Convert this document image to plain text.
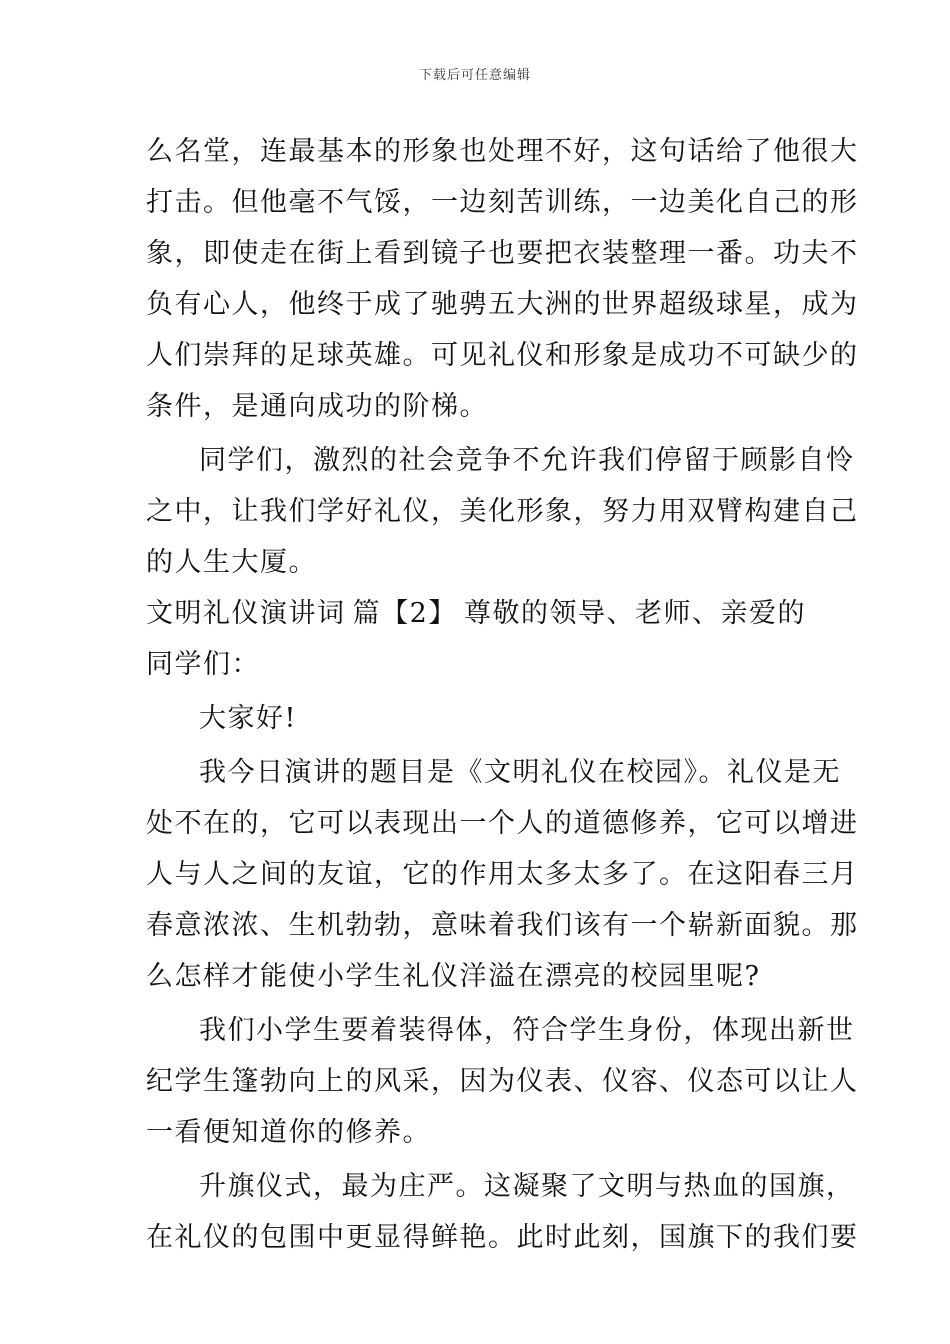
下载后可任意编辑
么名堂，连最基本的形象也处理不好，这句话给了他很大
打击。但他毫不气馁，一边刻苦训练，一边美化自己的形
象，即使走在街上看到镜子也要把衣装整理一番。功夫不
负有心人，他终于成了驰骋五大洲的世界超级球星，成为
人们崇拜的足球英雄。可见礼仪和形象是成功不可缺少的
条件，是通向成功的阶梯。
同学们，激烈的社会竞争不允许我们停留于顾影自怜
之中，让我们学好礼仪，美化形象，努力用双臂构建自己
的人生大厦。
文明礼仪演讲词 篇【2】 尊敬的领导、老师、亲爱的
同学们：
大家好!
我今日演讲的题目是《文明礼仪在校园》。礼仪是无
处不在的，它可以表现出一个人的道德修养，它可以增进
人与人之间的友谊，它的作用太多太多了。在这阳春三月
春意浓浓、生机勃勃，意味着我们该有一个崭新面貌。那
么怎样才能使小学生礼仪洋溢在漂亮的校园里呢?
我们小学生要着装得体，符合学生身份，体现出新世
纪学生篷勃向上的风采，因为仪表、仪容、仪态可以让人
一看便知道你的修养。
升旗仪式，最为庄严。这凝聚了文明与热血的国旗，
在礼仪的包围中更显得鲜艳。此时此刻，国旗下的我们要
